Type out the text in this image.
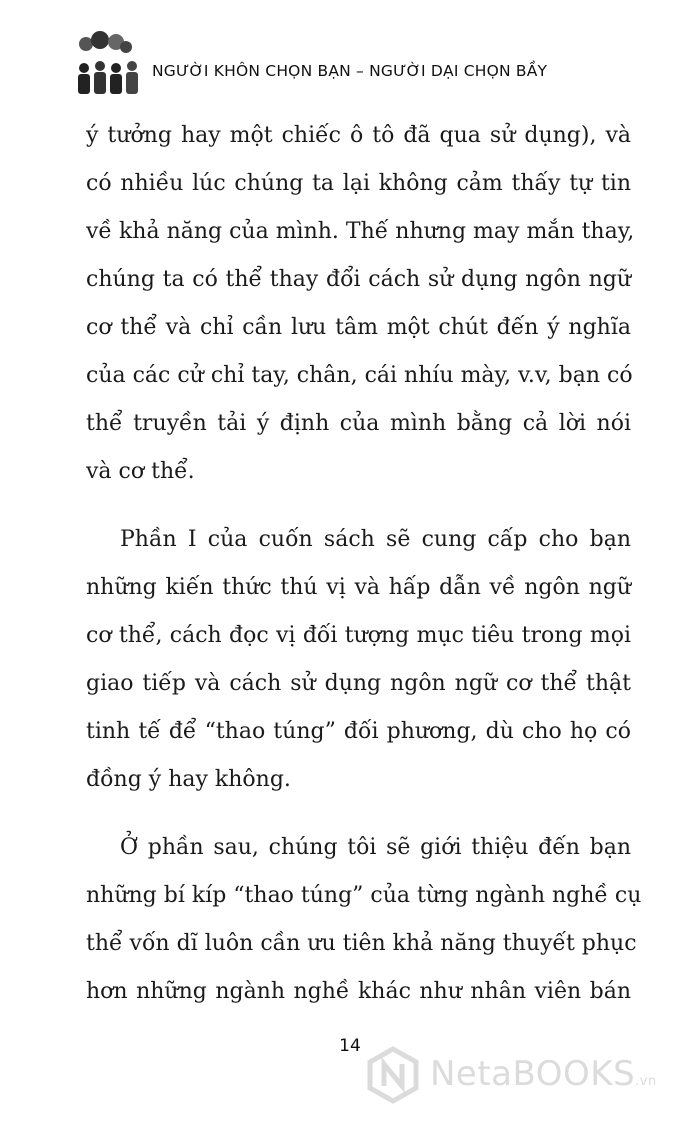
NGƯỜI KHÔN CHỌN BẠN – NGƯỜI DẠI CHỌN BẦY

ý tưởng hay một chiếc ô tô đã qua sử dụng), và
có nhiều lúc chúng ta lại không cảm thấy tự tin
về khả năng của mình. Thế nhưng may mắn thay,
chúng ta có thể thay đổi cách sử dụng ngôn ngữ
cơ thể và chỉ cần lưu tâm một chút đến ý nghĩa
của các cử chỉ tay, chân, cái nhíu mày, v.v, bạn có
thể truyền tải ý định của mình bằng cả lời nói
và cơ thể.

Phần I của cuốn sách sẽ cung cấp cho bạn
những kiến thức thú vị và hấp dẫn về ngôn ngữ
cơ thể, cách đọc vị đối tượng mục tiêu trong mọi
giao tiếp và cách sử dụng ngôn ngữ cơ thể thật
tinh tế để “thao túng” đối phương, dù cho họ có
đồng ý hay không.

Ở phần sau, chúng tôi sẽ giới thiệu đến bạn
những bí kíp “thao túng” của từng ngành nghề cụ
thể vốn dĩ luôn cần ưu tiên khả năng thuyết phục
hơn những ngành nghề khác như nhân viên bán

14
NetaBOOKS.vn
